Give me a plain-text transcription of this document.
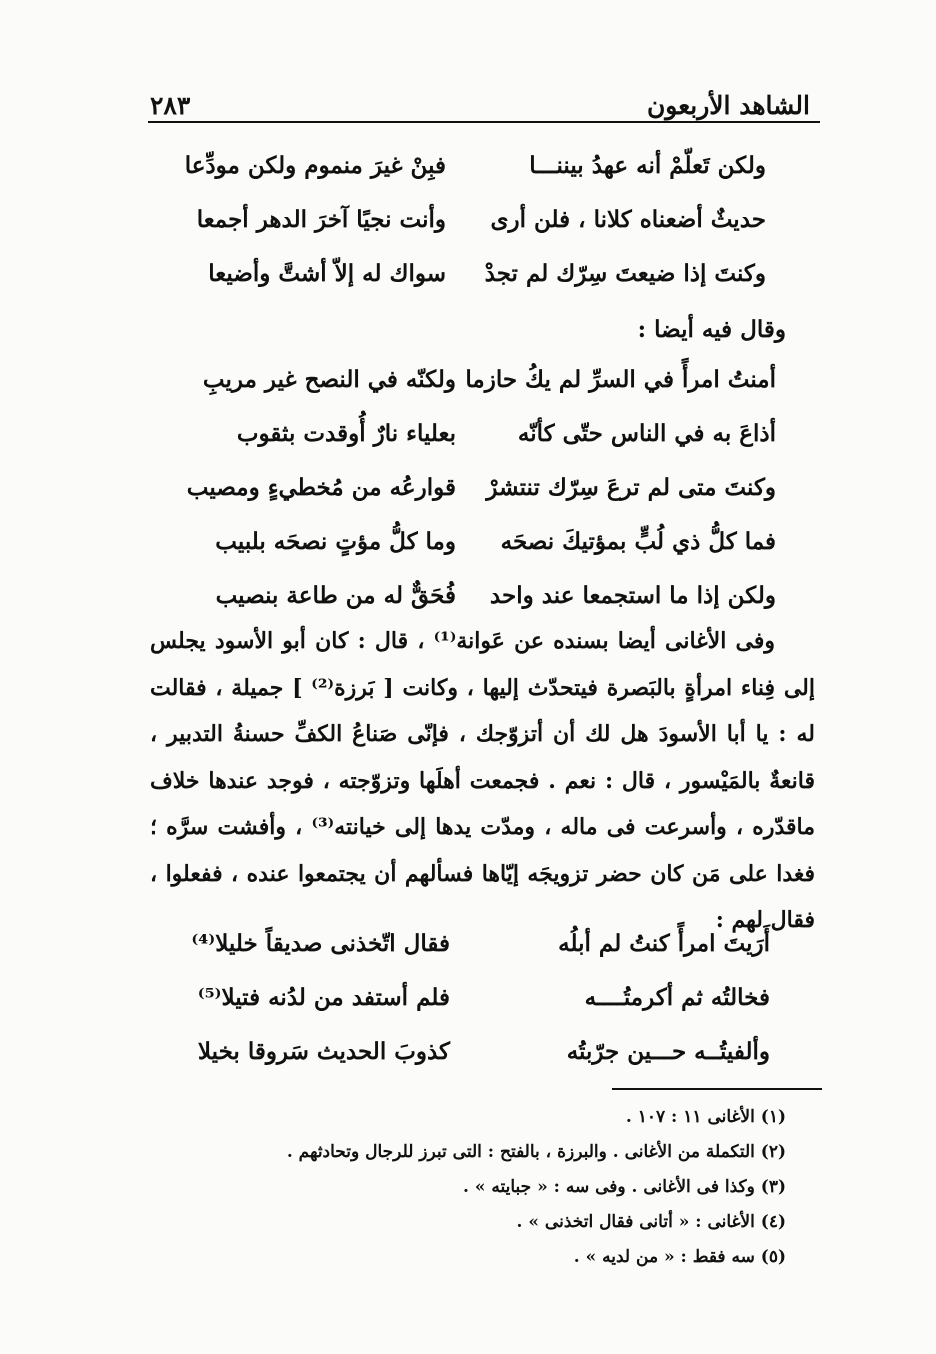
الشاهد الأربعون
٢٨٣
ولكن تَعلّمْ أنه عهدُ بيننـــا
فبِنْ غيرَ منموم ولكن مودِّعا
حديثٌ أضعناه كلانا ، فلن أرى
وأنت نجيًا آخرَ الدهر أجمعا
وكنتَ إذا ضيعتَ سِرّك لم تجدْ
سواك له إلاّ أشتَّ وأضيعا
وقال فيه أيضا :
أمنتُ امرأً في السرِّ لم يكُ حازما
ولكنّه في النصح غير مريبِ
أذاعَ به في الناس حتّى كأنّه
بعلياء نارٌ أُوقدت بثقوب
وكنتَ متى لم ترعَ سِرّك تنتشرْ
قوارعُه من مُخطيءٍ ومصيب
فما كلُّ ذي لُبٍّ بمؤتيكَ نصحَه
وما كلُّ مؤتٍ نصحَه بلبيب
ولكن إذا ما استجمعا عند واحد
فُحَقٌّ له من طاعة بنصيب

وفى الأغانى أيضا بسنده عن عَوانة⁽¹⁾ ، قال : كان أبو الأسود يجلس إلى فِناء امرأةٍ بالبَصرة فيتحدّث إليها ، وكانت [ بَرزة⁽²⁾ ] جميلة ، فقالت له : يا أبا الأسودَ هل لك أن أتزوّجك ، فإنّى صَناعُ الكفِّ حسنةُ التدبير ، قانعةٌ بالمَيْسور ، قال : نعم . فجمعت أهلَها وتزوّجته ، فوجد عندها خلاف ماقدّره ، وأسرعت فى ماله ، ومدّت يدها إلى خيانته⁽³⁾ ، وأفشت سرَّه ؛ فغدا على مَن كان حضر تزويجَه إيّاها فسألهم أن يجتمعوا عنده ، ففعلوا ، فقال لهم :

أَرَيتَ امرأً كنتُ لم أبلُه
فقال اتّخذنى صديقاً خليلا⁽⁴⁾
فخالتُه ثم أكرمتُــــه
فلم أستفد من لدُنه فتيلا⁽⁵⁾
وألفيتُــه حـــين جرّبتُه
كذوبَ الحديث سَروقا بخيلا
(١) الأغانى ١١ : ١٠٧ .
(٢) التكملة من الأغانى . والبرزة ، بالفتح : التى تبرز للرجال وتحادثهم .
(٣) وكذا فى الأغانى . وفى سه : « جبايته » .
(٤) الأغانى : « أتانى فقال اتخذنى » .
(٥) سه فقط : « من لديه » .
